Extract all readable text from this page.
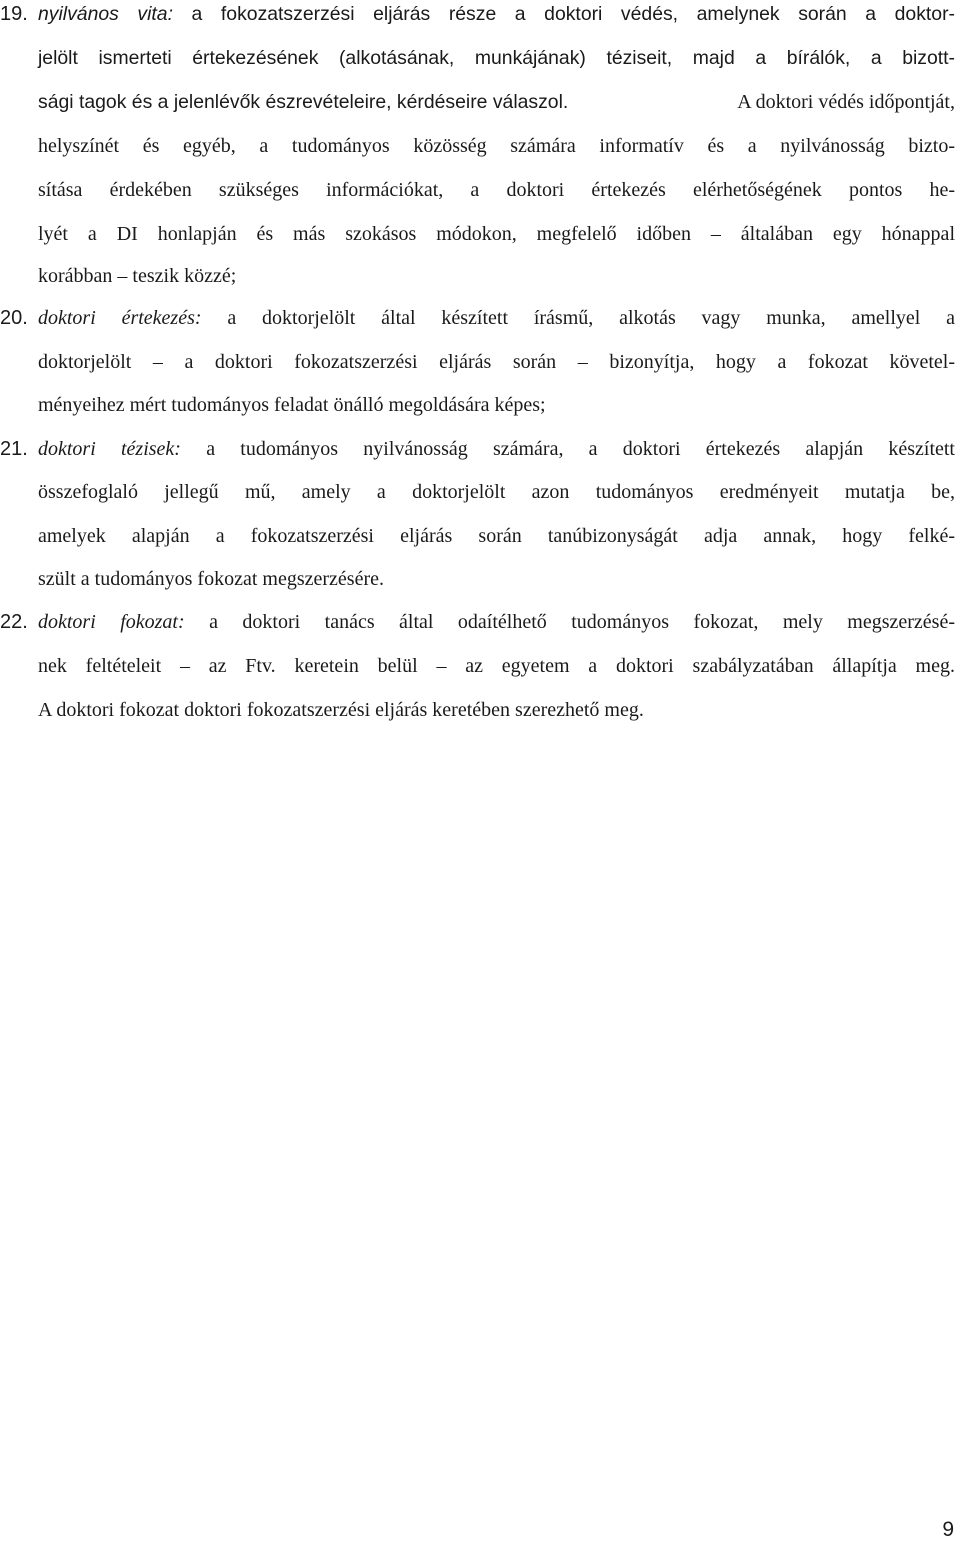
19. nyilvános vita: a fokozatszerzési eljárás része a doktori védés, amelynek során a doktor-
jelölt ismerteti értekezésének (alkotásának, munkájának) téziseit, majd a bírálók, a bizott-
sági tagok és a jelenlévők észrevételeire, kérdéseire válaszol.	A doktori védés időpontját,
helyszínét és egyéb, a tudományos közösség számára informatív és a nyilvánosság bizto-
sítása érdekében szükséges információkat, a doktori értekezés elérhetőségének pontos he-
lyét a DI honlapján és más szokásos módokon, megfelelő időben – általában egy hónappal
korábban – teszik közzé;
20. doktori értekezés: a doktorjelölt által készített írásmű, alkotás vagy munka, amellyel a
doktorjelölt – a doktori fokozatszerzési eljárás során – bizonyítja, hogy a fokozat követel-
ményeihez mért tudományos feladat önálló megoldására képes;
21. doktori tézisek: a tudományos nyilvánosság számára, a doktori értekezés alapján készített
összefoglaló jellegű mű, amely a doktorjelölt azon tudományos eredményeit mutatja be,
amelyek alapján a fokozatszerzési eljárás során tanúbizonyságát adja annak, hogy felké-
szült a tudományos fokozat megszerzésére.
22. doktori fokozat: a doktori tanács által odaítélhető tudományos fokozat, mely megszerzésé-
nek feltételeit – az Ftv. keretein belül – az egyetem a doktori szabályzatában állapítja meg.
A doktori fokozat doktori fokozatszerzési eljárás keretében szerezhető meg.
9
